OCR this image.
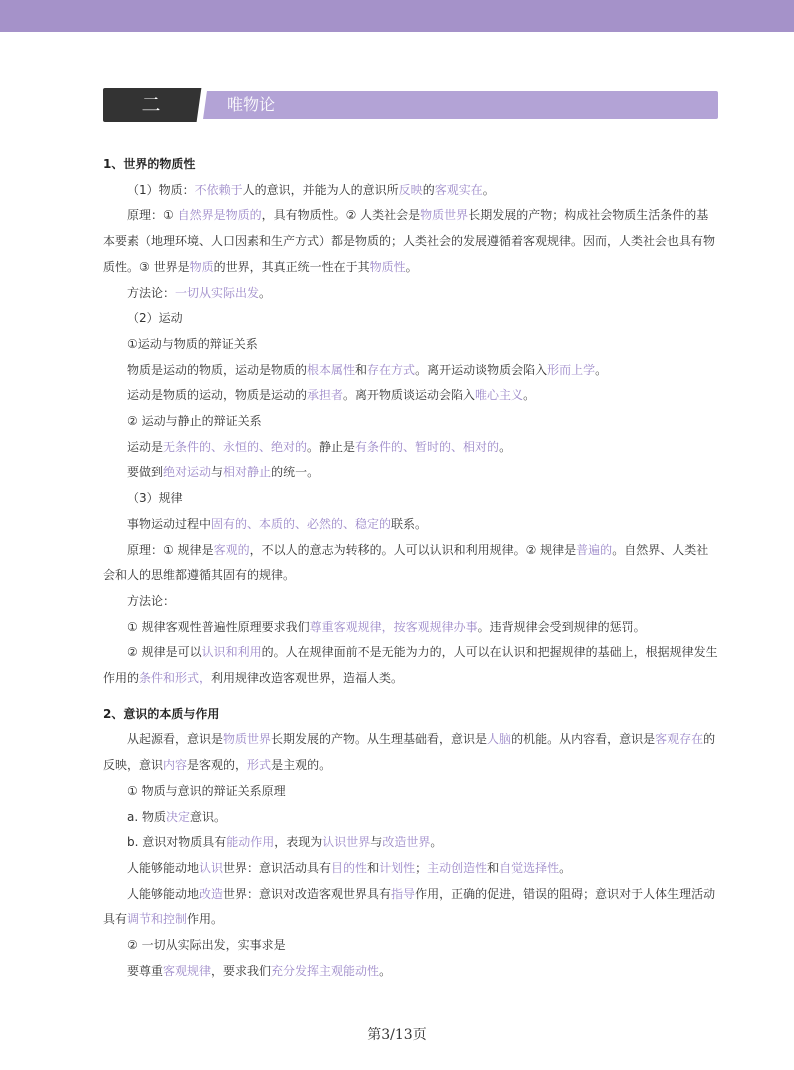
二	唯物论

1、世界的物质性

（1）物质：不依赖于人的意识，并能为人的意识所反映的客观实在。

原理：① 自然界是物质的，具有物质性。② 人类社会是物质世界长期发展的产物；构成社会物质生活条件的基本要素（地理环境、人口因素和生产方式）都是物质的；人类社会的发展遵循着客观规律。因而，人类社会也具有物质性。③ 世界是物质的世界，其真正统一性在于其物质性。

方法论：一切从实际出发。

（2）运动

①运动与物质的辩证关系

物质是运动的物质，运动是物质的根本属性和存在方式。离开运动谈物质会陷入形而上学。

运动是物质的运动，物质是运动的承担者。离开物质谈运动会陷入唯心主义。

② 运动与静止的辩证关系

运动是无条件的、永恒的、绝对的。静止是有条件的、暂时的、相对的。

要做到绝对运动与相对静止的统一。

（3）规律

事物运动过程中固有的、本质的、必然的、稳定的联系。

原理：① 规律是客观的，不以人的意志为转移的。人可以认识和利用规律。② 规律是普遍的。自然界、人类社会和人的思维都遵循其固有的规律。

方法论：

① 规律客观性普遍性原理要求我们尊重客观规律，按客观规律办事。违背规律会受到规律的惩罚。

② 规律是可以认识和利用的。人在规律面前不是无能为力的，人可以在认识和把握规律的基础上，根据规律发生作用的条件和形式，利用规律改造客观世界，造福人类。

2、意识的本质与作用

从起源看，意识是物质世界长期发展的产物。从生理基础看，意识是人脑的机能。从内容看，意识是客观存在的反映，意识内容是客观的，形式是主观的。

① 物质与意识的辩证关系原理

a. 物质决定意识。

b. 意识对物质具有能动作用，表现为认识世界与改造世界。

人能够能动地认识世界：意识活动具有目的性和计划性；主动创造性和自觉选择性。

人能够能动地改造世界：意识对改造客观世界具有指导作用，正确的促进，错误的阻碍；意识对于人体生理活动具有调节和控制作用。

② 一切从实际出发，实事求是

要尊重客观规律，要求我们充分发挥主观能动性。

第3/13页
